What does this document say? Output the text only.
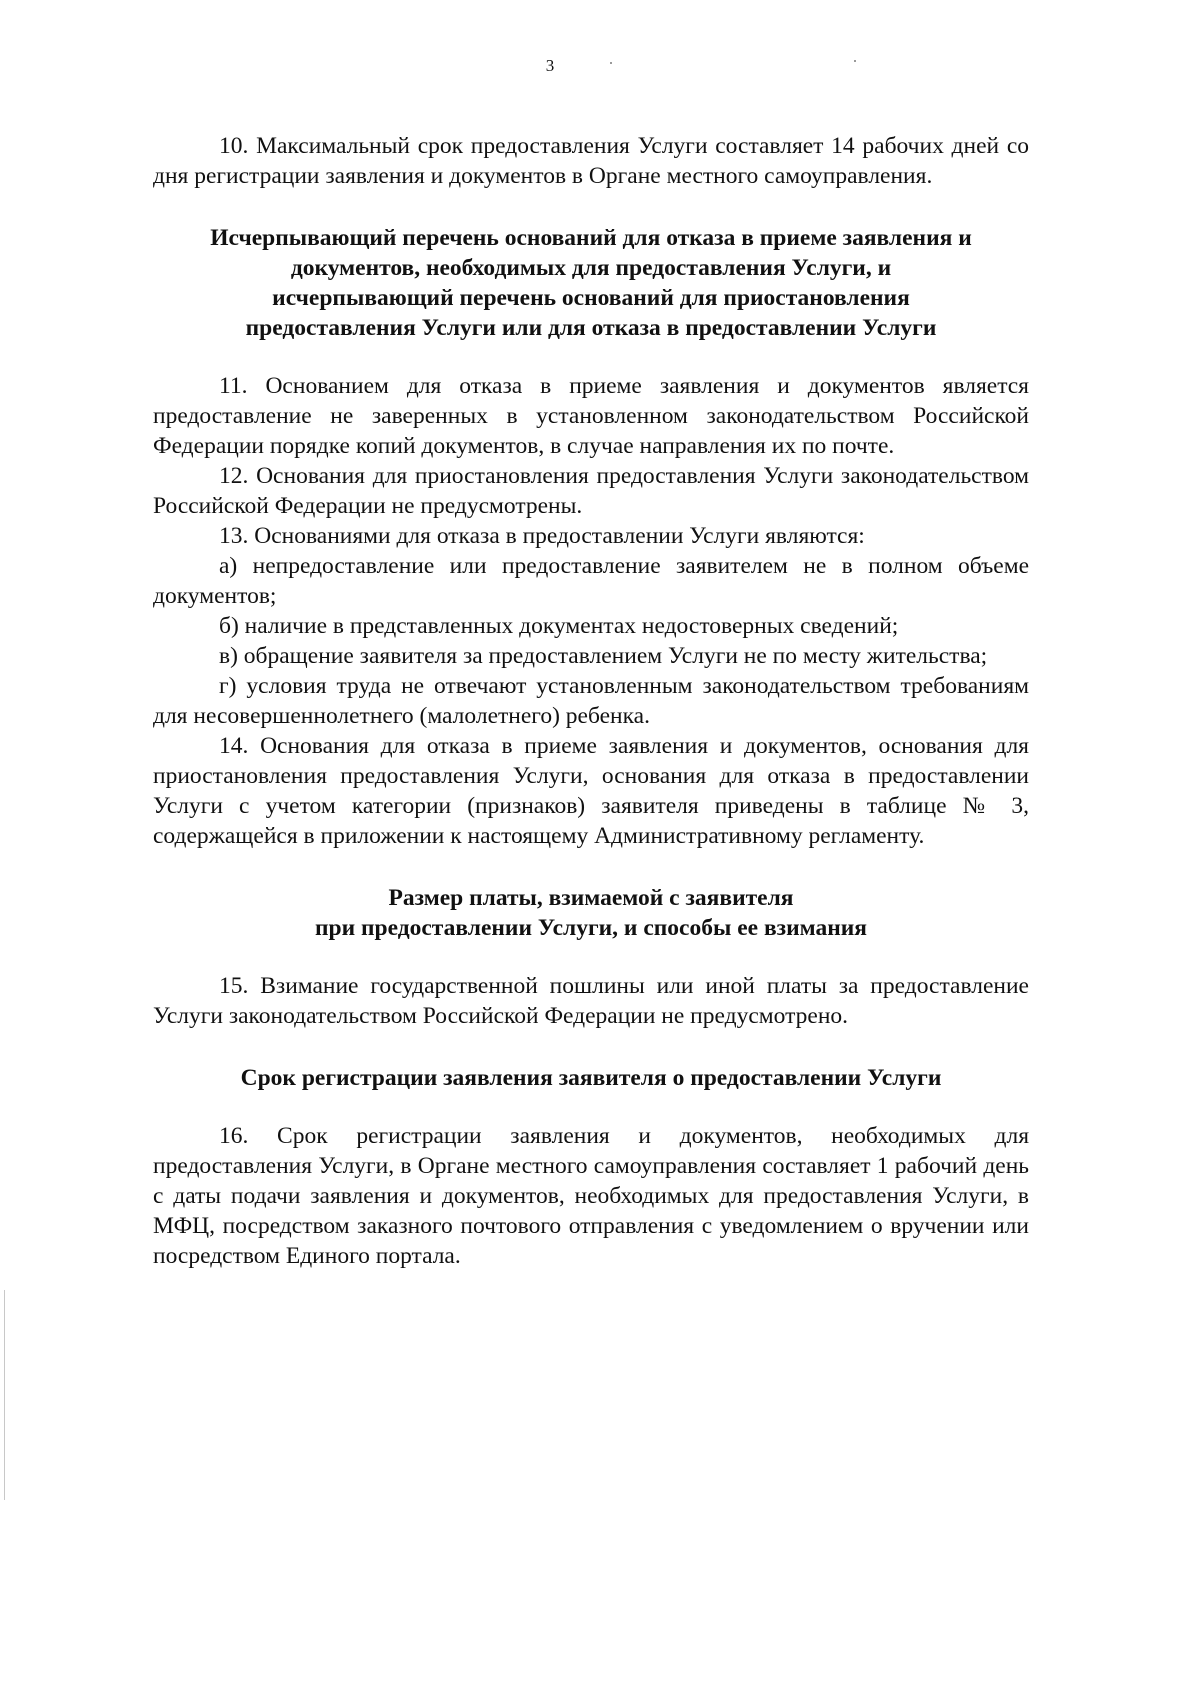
3

10. Максимальный срок предоставления Услуги составляет 14 рабочих дней со дня регистрации заявления и документов в Органе местного самоуправления.

Исчерпывающий перечень оснований для отказа в приеме заявления и
документов, необходимых для предоставления Услуги, и
исчерпывающий перечень оснований для приостановления
предоставления Услуги или для отказа в предоставлении Услуги

11. Основанием для отказа в приеме заявления и документов является предоставление не заверенных в установленном законодательством Российской Федерации порядке копий документов, в случае направления их по почте.

12. Основания для приостановления предоставления Услуги законодательством Российской Федерации не предусмотрены.

13. Основаниями для отказа в предоставлении Услуги являются:

а) непредоставление или предоставление заявителем не в полном объеме документов;

б) наличие в представленных документах недостоверных сведений;

в) обращение заявителя за предоставлением Услуги не по месту жительства;

г) условия труда не отвечают установленным законодательством требованиям для несовершеннолетнего (малолетнего) ребенка.

14. Основания для отказа в приеме заявления и документов, основания для приостановления предоставления Услуги, основания для отказа в предоставлении Услуги с учетом категории (признаков) заявителя приведены в таблице № 3, содержащейся в приложении к настоящему Административному регламенту.

Размер платы, взимаемой с заявителя
при предоставлении Услуги, и способы ее взимания

15. Взимание государственной пошлины или иной платы за предоставление Услуги законодательством Российской Федерации не предусмотрено.

Срок регистрации заявления заявителя о предоставлении Услуги

16. Срок регистрации заявления и документов, необходимых для предоставления Услуги, в Органе местного самоуправления составляет 1 рабочий день с даты подачи заявления и документов, необходимых для предоставления Услуги, в МФЦ, посредством заказного почтового отправления с уведомлением о вручении или посредством Единого портала.
